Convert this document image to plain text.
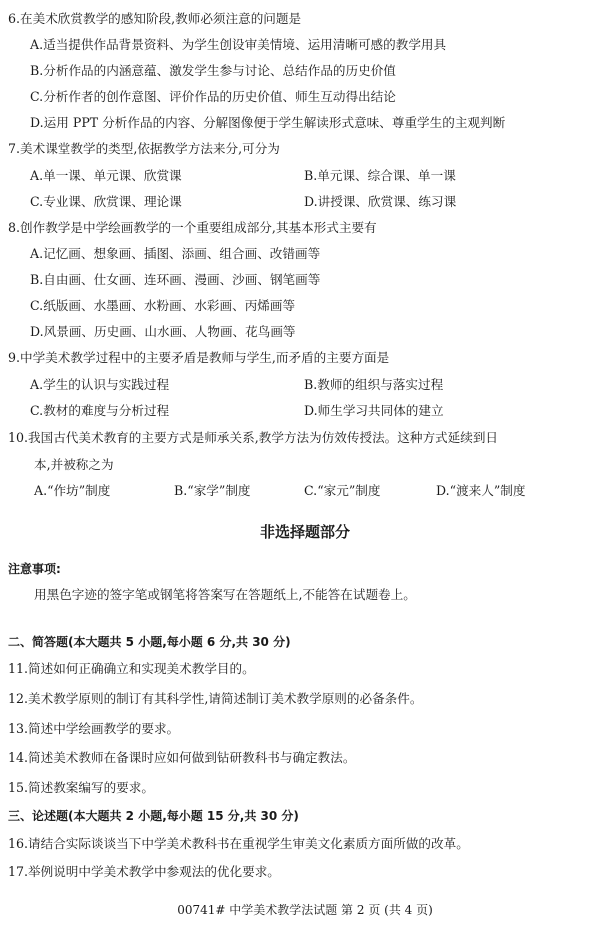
6.在美术欣赏教学的感知阶段,教师必须注意的问题是
A.适当提供作品背景资料、为学生创设审美情境、运用清晰可感的教学用具
B.分析作品的内涵意蕴、激发学生参与讨论、总结作品的历史价值
C.分析作者的创作意图、评价作品的历史价值、师生互动得出结论
D.运用 PPT 分析作品的内容、分解图像便于学生解读形式意味、尊重学生的主观判断
7.美术课堂教学的类型,依据教学方法来分,可分为
A.单一课、单元课、欣赏课	B.单元课、综合课、单一课
C.专业课、欣赏课、理论课	D.讲授课、欣赏课、练习课
8.创作教学是中学绘画教学的一个重要组成部分,其基本形式主要有
A.记忆画、想象画、插图、添画、组合画、改错画等
B.自由画、仕女画、连环画、漫画、沙画、钢笔画等
C.纸版画、水墨画、水粉画、水彩画、丙烯画等
D.风景画、历史画、山水画、人物画、花鸟画等
9.中学美术教学过程中的主要矛盾是教师与学生,而矛盾的主要方面是
A.学生的认识与实践过程	B.教师的组织与落实过程
C.教材的难度与分析过程	D.师生学习共同体的建立
10.我国古代美术教育的主要方式是师承关系,教学方法为仿效传授法。这种方式延续到日
本,并被称之为
A.“作坊”制度	B.“家学”制度	C.“家元”制度	D.“渡来人”制度
非选择题部分
注意事项:
用黑色字迹的签字笔或钢笔将答案写在答题纸上,不能答在试题卷上。
二、简答题(本大题共 5 小题,每小题 6 分,共 30 分)
11.简述如何正确确立和实现美术教学目的。
12.美术教学原则的制订有其科学性,请简述制订美术教学原则的必备条件。
13.简述中学绘画教学的要求。
14.简述美术教师在备课时应如何做到钻研教科书与确定教法。
15.简述教案编写的要求。
三、论述题(本大题共 2 小题,每小题 15 分,共 30 分)
16.请结合实际谈谈当下中学美术教科书在重视学生审美文化素质方面所做的改革。
17.举例说明中学美术教学中参观法的优化要求。
00741# 中学美术教学法试题 第 2 页 (共 4 页)
